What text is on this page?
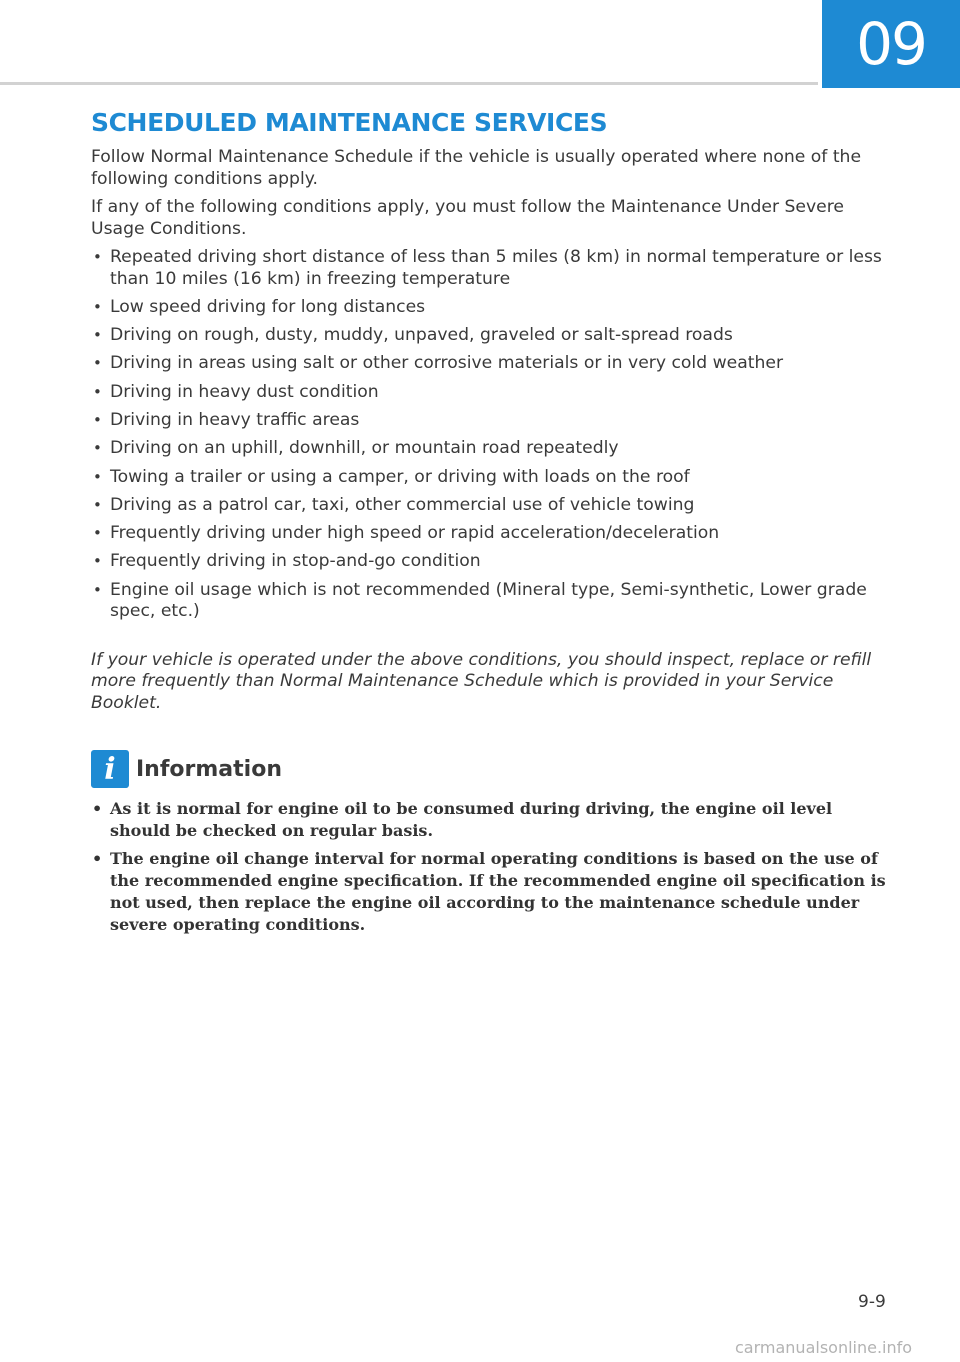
09
SCHEDULED MAINTENANCE SERVICES

Follow Normal Maintenance Schedule if the vehicle is usually operated where none of the following conditions apply.

If any of the following conditions apply, you must follow the Maintenance Under Severe Usage Conditions.

• Repeated driving short distance of less than 5 miles (8 km) in normal temperature or less than 10 miles (16 km) in freezing temperature
• Low speed driving for long distances
• Driving on rough, dusty, muddy, unpaved, graveled or salt-spread roads
• Driving in areas using salt or other corrosive materials or in very cold weather
• Driving in heavy dust condition
• Driving in heavy traffic areas
• Driving on an uphill, downhill, or mountain road repeatedly
• Towing a trailer or using a camper, or driving with loads on the roof
• Driving as a patrol car, taxi, other commercial use of vehicle towing
• Frequently driving under high speed or rapid acceleration/deceleration
• Frequently driving in stop-and-go condition
• Engine oil usage which is not recommended (Mineral type, Semi-synthetic, Lower grade spec, etc.)

If your vehicle is operated under the above conditions, you should inspect, replace or refill more frequently than Normal Maintenance Schedule which is provided in your Service Booklet.

i Information
• As it is normal for engine oil to be consumed during driving, the engine oil level should be checked on regular basis.
• The engine oil change interval for normal operating conditions is based on the use of the recommended engine specification. If the recommended engine oil specification is not used, then replace the engine oil according to the maintenance schedule under severe operating conditions.
9-9
carmanualsonline.info
